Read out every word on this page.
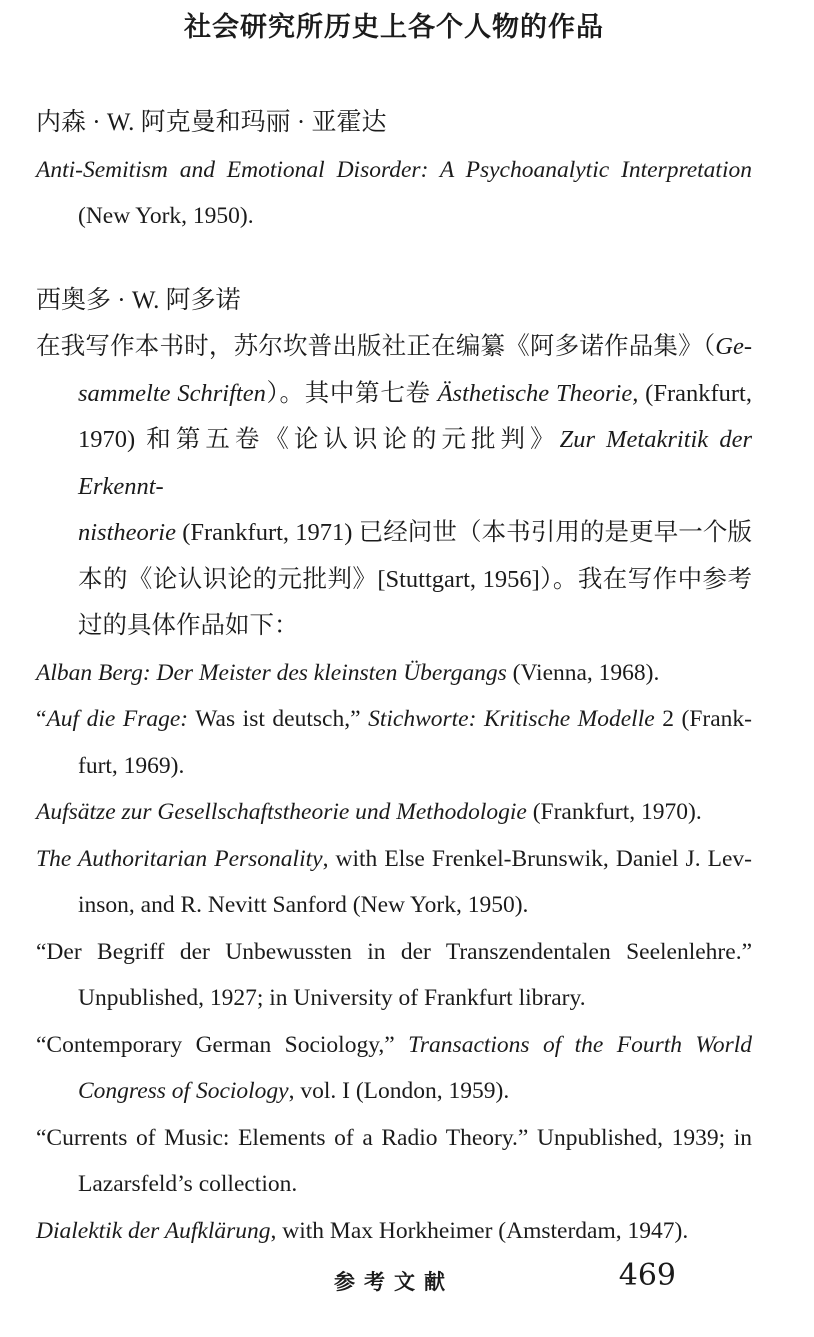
社会研究所历史上各个人物的作品
内森 · W. 阿克曼和玛丽 · 亚霍达
Anti-Semitism and Emotional Disorder: A Psychoanalytic Interpretation
(New York, 1950).
西奥多 · W. 阿多诺
在我写作本书时，苏尔坎普出版社正在编纂《阿多诺作品集》（Ge-
sammelte Schriften）。其中第七卷 Ästhetische Theorie, (Frankfurt,
1970) 和第五卷《论认识论的元批判》Zur Metakritik der Erkennt-
nistheorie (Frankfurt, 1971) 已经问世（本书引用的是更早一个版
本的《论认识论的元批判》[Stuttgart, 1956]）。我在写作中参考
过的具体作品如下：
Alban Berg: Der Meister des kleinsten Übergangs (Vienna, 1968).
“Auf die Frage: Was ist deutsch,” Stichworte: Kritische Modelle 2 (Frank-
furt, 1969).
Aufsätze zur Gesellschaftstheorie und Methodologie (Frankfurt, 1970).
The Authoritarian Personality, with Else Frenkel-Brunswik, Daniel J. Lev-
inson, and R. Nevitt Sanford (New York, 1950).
“Der Begriff der Unbewussten in der Transzendentalen Seelenlehre.”
Unpublished, 1927; in University of Frankfurt library.
“Contemporary German Sociology,” Transactions of the Fourth World
Congress of Sociology, vol. I (London, 1959).
“Currents of Music: Elements of a Radio Theory.” Unpublished, 1939; in
Lazarsfeld’s collection.
Dialektik der Aufklärung, with Max Horkheimer (Amsterdam, 1947).
参考文献	469
